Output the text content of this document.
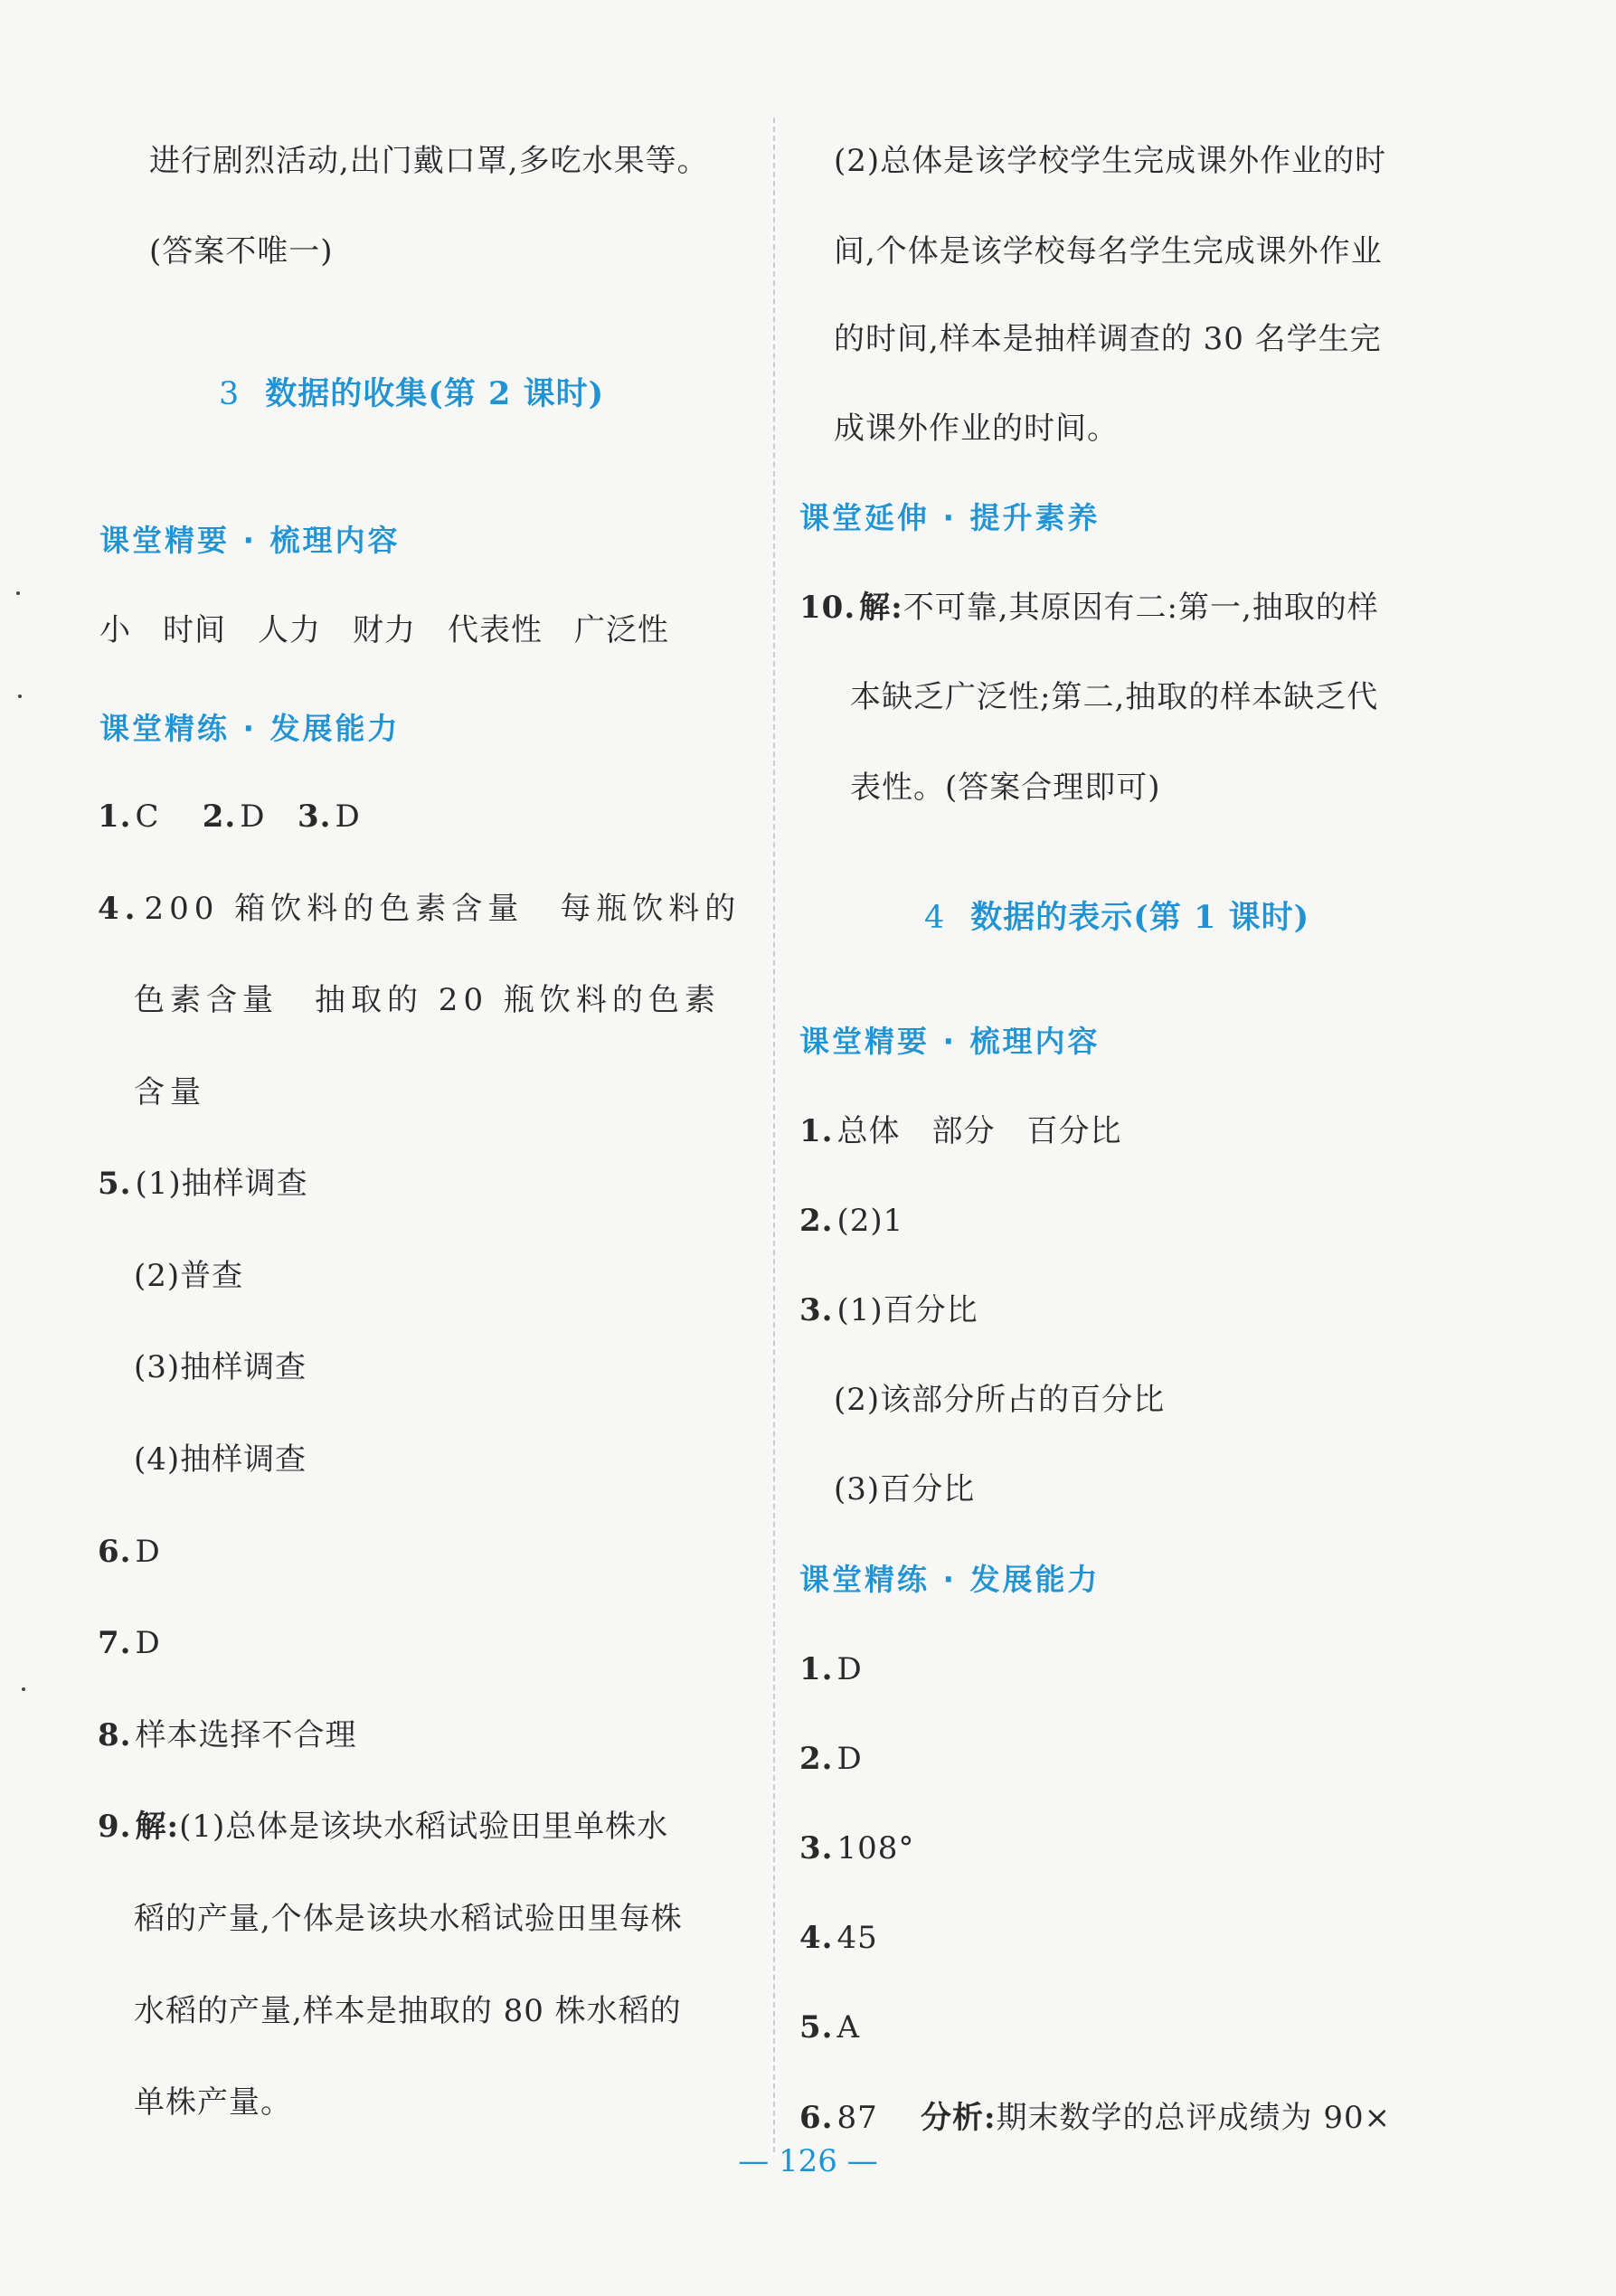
进行剧烈活动,出门戴口罩,多吃水果等。
(答案不唯一)
3 数据的收集(第 2 课时)
课堂精要 · 梳理内容
小　时间　人力　财力　代表性　广泛性
课堂精练 · 发展能力
1. C 2. D 3. D
4. 200 箱饮料的色素含量　每瓶饮料的
色素含量　抽取的 20 瓶饮料的色素
含量
5. (1)抽样调查
(2)普查
(3)抽样调查
(4)抽样调查
6. D
7. D
8. 样本选择不合理
9. 解:(1)总体是该块水稻试验田里单株水
稻的产量,个体是该块水稻试验田里每株
水稻的产量,样本是抽取的 80 株水稻的
单株产量。
(2)总体是该学校学生完成课外作业的时
间,个体是该学校每名学生完成课外作业
的时间,样本是抽样调查的 30 名学生完
成课外作业的时间。
课堂延伸 · 提升素养
10. 解:不可靠,其原因有二:第一,抽取的样
本缺乏广泛性;第二,抽取的样本缺乏代
表性。(答案合理即可)
4 数据的表示(第 1 课时)
课堂精要 · 梳理内容
1. 总体　部分　百分比
2. (2)1
3. (1)百分比
(2)该部分所占的百分比
(3)百分比
课堂精练 · 发展能力
1. D
2. D
3. 108°
4. 45
5. A
6. 87 分析:期末数学的总评成绩为 90×
— 126 —
